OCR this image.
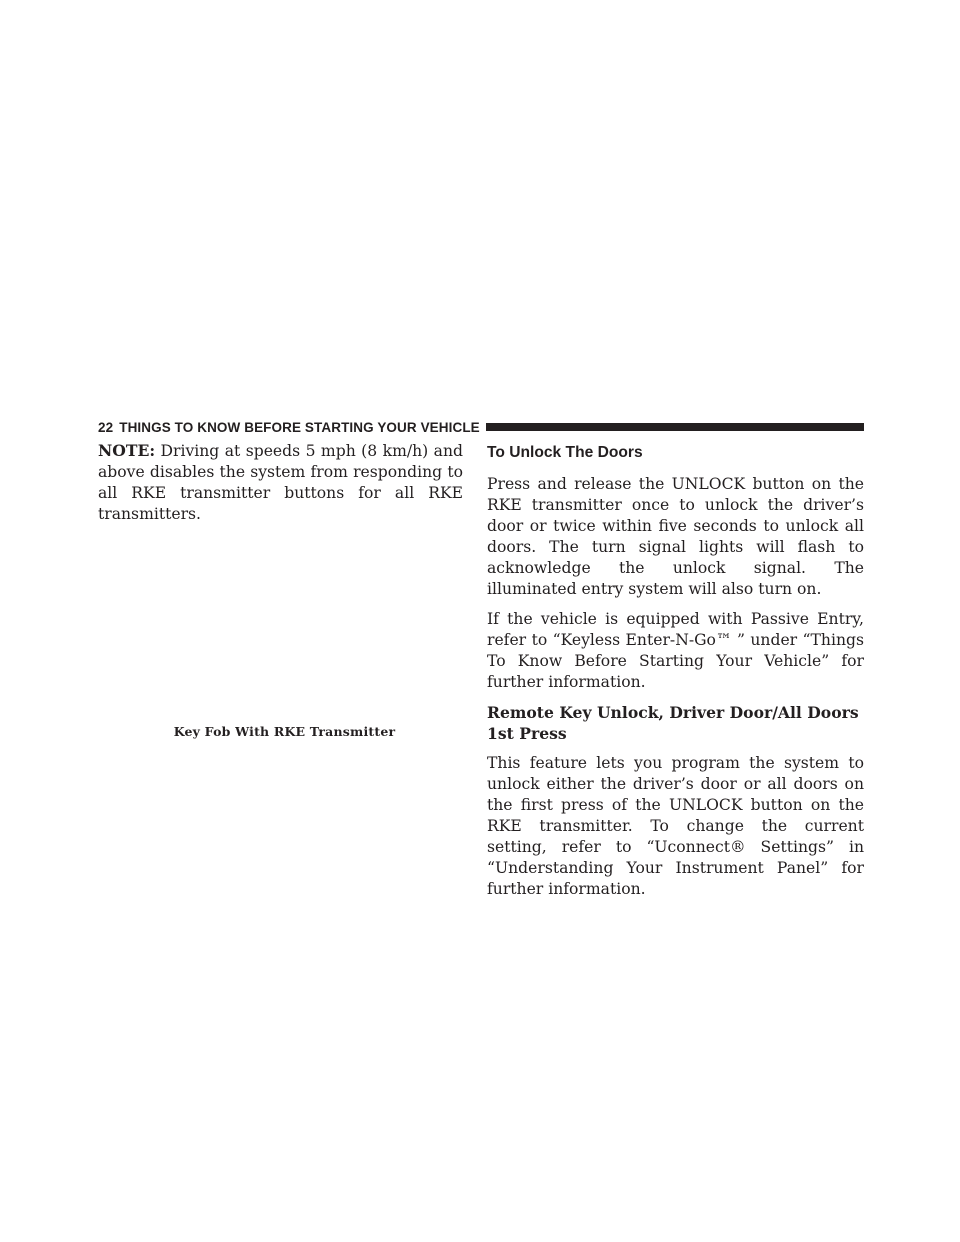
22 THINGS TO KNOW BEFORE STARTING YOUR VEHICLE

NOTE: Driving at speeds 5 mph (8 km/h) and above disables the system from responding to all RKE transmitter buttons for all RKE transmitters.

Key Fob With RKE Transmitter
To Unlock The Doors

Press and release the UNLOCK button on the RKE transmitter once to unlock the driver’s door or twice within five seconds to unlock all doors. The turn signal lights will flash to acknowledge the unlock signal. The illuminated entry system will also turn on.

If the vehicle is equipped with Passive Entry, refer to “Keyless Enter-N-Go™ ” under “Things To Know Before Starting Your Vehicle” for further information.

Remote Key Unlock, Driver Door/All Doors 1st Press

This feature lets you program the system to unlock either the driver’s door or all doors on the first press of the UNLOCK button on the RKE transmitter. To change the current setting, refer to “Uconnect® Settings” in “Understanding Your Instrument Panel” for further information.
